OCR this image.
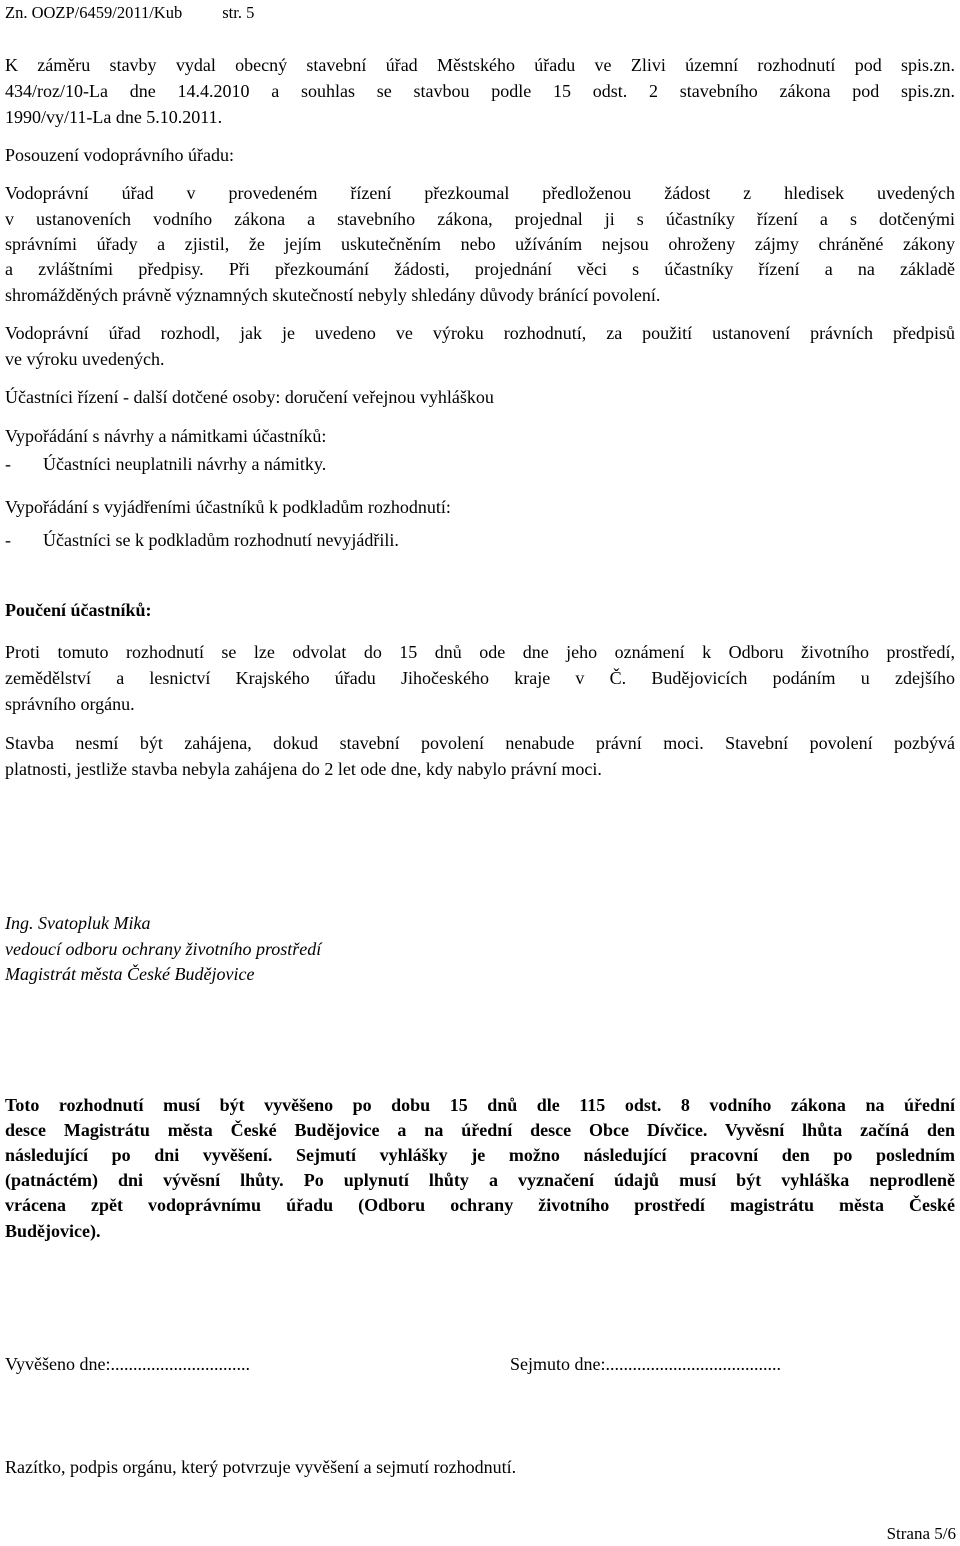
Zn. OOZP/6459/2011/Kub str. 5
K záměru stavby vydal obecný stavební úřad Městského úřadu ve Zlivi územní rozhodnutí pod spis.zn.
434/roz/10-La dne 14.4.2010 a souhlas se stavbou podle 15 odst. 2 stavebního zákona pod spis.zn.
1990/vy/11-La dne 5.10.2011.
Posouzení vodoprávního úřadu:
Vodoprávní úřad v provedeném řízení přezkoumal předloženou žádost z hledisek uvedených
v ustanoveních vodního zákona a stavebního zákona, projednal ji s účastníky řízení a s dotčenými
správními úřady a zjistil, že jejím uskutečněním nebo užíváním nejsou ohroženy zájmy chráněné zákony
a zvláštními předpisy. Při přezkoumání žádosti, projednání věci s účastníky řízení a na základě
shromážděných právně významných skutečností nebyly shledány důvody bránící povolení.
Vodoprávní úřad rozhodl, jak je uvedeno ve výroku rozhodnutí, za použití ustanovení právních předpisů
ve výroku uvedených.
Účastníci řízení - další dotčené osoby: doručení veřejnou vyhláškou
Vypořádání s návrhy a námitkami účastníků:
- Účastníci neuplatnili návrhy a námitky.
Vypořádání s vyjádřeními účastníků k podkladům rozhodnutí:
- Účastníci se k podkladům rozhodnutí nevyjádřili.
Poučení účastníků:
Proti tomuto rozhodnutí se lze odvolat do 15 dnů ode dne jeho oznámení k Odboru životního prostředí,
zemědělství a lesnictví Krajského úřadu Jihočeského kraje v Č. Budějovicích podáním u zdejšího
správního orgánu.
Stavba nesmí být zahájena, dokud stavební povolení nenabude právní moci. Stavební povolení pozbývá
platnosti, jestliže stavba nebyla zahájena do 2 let ode dne, kdy nabylo právní moci.
Ing. Svatopluk Mika
vedoucí odboru ochrany životního prostředí
Magistrát města České Budějovice
Toto rozhodnutí musí být vyvěšeno po dobu 15 dnů dle 115 odst. 8 vodního zákona na úřední
desce Magistrátu města České Budějovice a na úřední desce Obce Dívčice. Vyvěsní lhůta začíná den
následující po dni vyvěšení. Sejmutí vyhlášky je možno následující pracovní den po posledním
(patnáctém) dni vývěsní lhůty. Po uplynutí lhůty a vyznačení údajů musí být vyhláška neprodleně
vrácena zpět vodoprávnímu úřadu (Odboru ochrany životního prostředí magistrátu města České
Budějovice).
Vyvěšeno dne:...............................	Sejmuto dne:.......................................
Razítko, podpis orgánu, který potvrzuje vyvěšení a sejmutí rozhodnutí.
Strana 5/6
